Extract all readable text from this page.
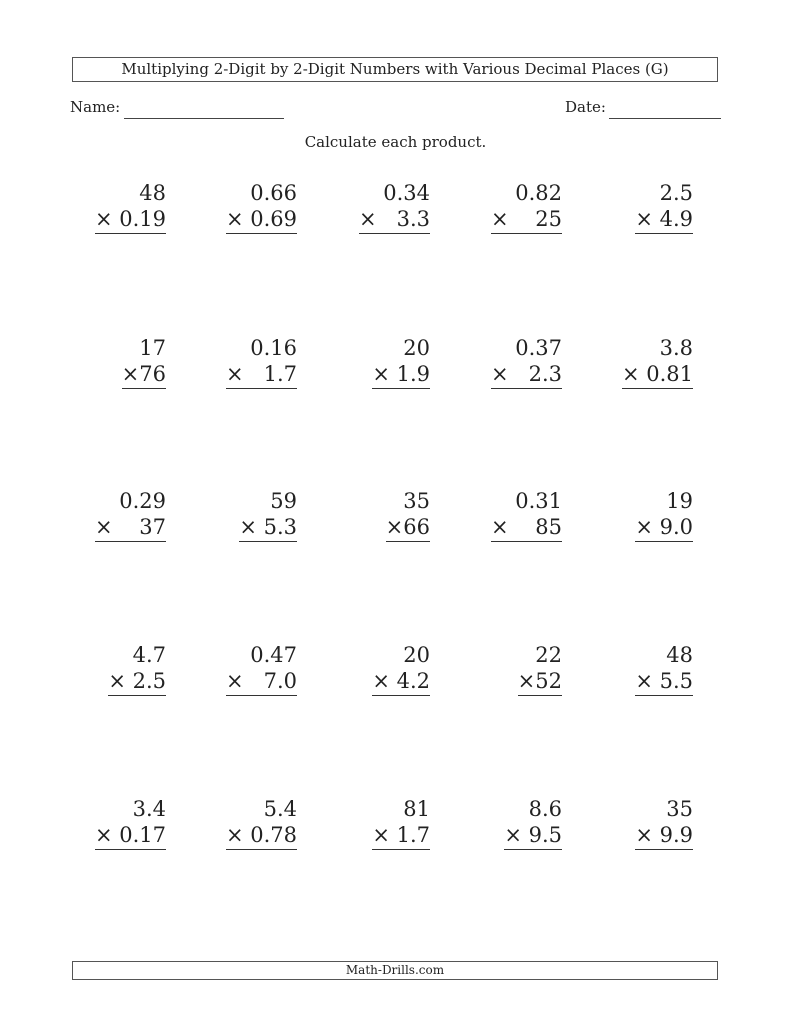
Multiplying 2-Digit by 2-Digit Numbers with Various Decimal Places (G)
Name:	Date:
Calculate each product.
48
× 0.19
0.66
× 0.69
0.34
×   3.3
0.82
×    25
2.5
× 4.9
17
×76
0.16
×   1.7
20
× 1.9
0.37
×   2.3
3.8
× 0.81
0.29
×    37
59
× 5.3
35
×66
0.31
×    85
19
× 9.0
4.7
× 2.5
0.47
×   7.0
20
× 4.2
22
×52
48
× 5.5
3.4
× 0.17
5.4
× 0.78
81
× 1.7
8.6
× 9.5
35
× 9.9
Math-Drills.com
